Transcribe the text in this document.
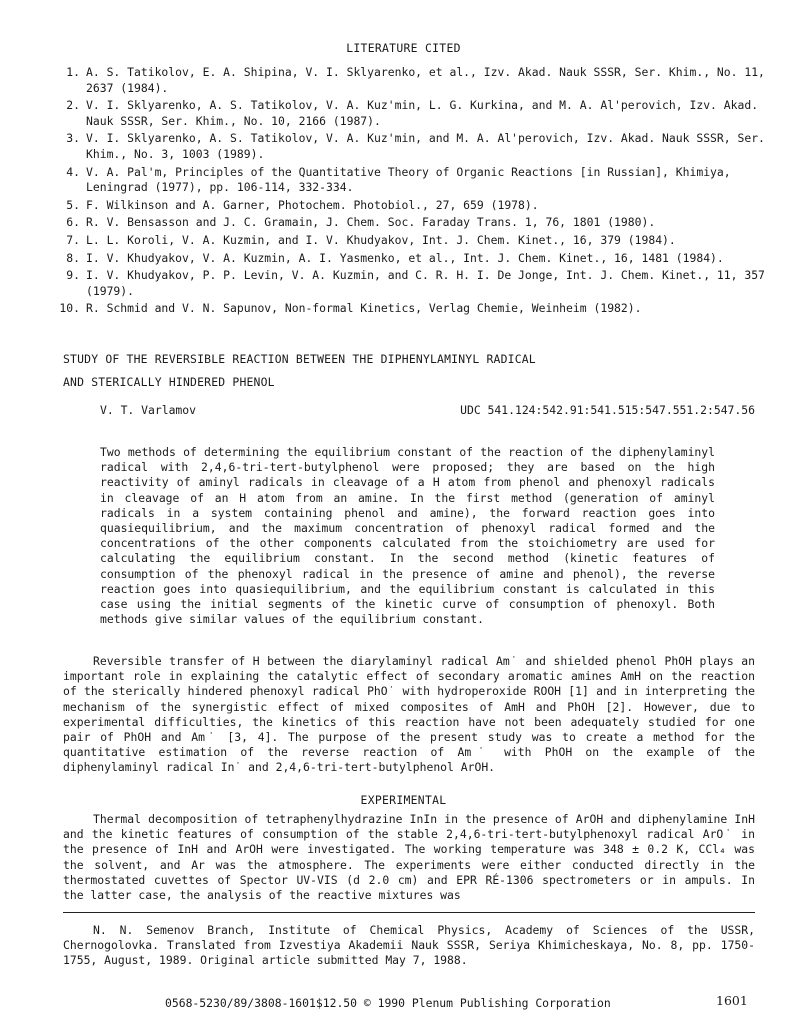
LITERATURE CITED
1. A. S. Tatikolov, E. A. Shipina, V. I. Sklyarenko, et al., Izv. Akad. Nauk SSSR, Ser. Khim., No. 11, 2637 (1984).
2. V. I. Sklyarenko, A. S. Tatikolov, V. A. Kuz'min, L. G. Kurkina, and M. A. Al'perovich, Izv. Akad. Nauk SSSR, Ser. Khim., No. 10, 2166 (1987).
3. V. I. Sklyarenko, A. S. Tatikolov, V. A. Kuz'min, and M. A. Al'perovich, Izv. Akad. Nauk SSSR, Ser. Khim., No. 3, 1003 (1989).
4. V. A. Pal'm, Principles of the Quantitative Theory of Organic Reactions [in Russian], Khimiya, Leningrad (1977), pp. 106-114, 332-334.
5. F. Wilkinson and A. Garner, Photochem. Photobiol., 27, 659 (1978).
6. R. V. Bensasson and J. C. Gramain, J. Chem. Soc. Faraday Trans. 1, 76, 1801 (1980).
7. L. L. Koroli, V. A. Kuzmin, and I. V. Khudyakov, Int. J. Chem. Kinet., 16, 379 (1984).
8. I. V. Khudyakov, V. A. Kuzmin, A. I. Yasmenko, et al., Int. J. Chem. Kinet., 16, 1481 (1984).
9. I. V. Khudyakov, P. P. Levin, V. A. Kuzmin, and C. R. H. I. De Jonge, Int. J. Chem. Kinet., 11, 357 (1979).
10. R. Schmid and V. N. Sapunov, Non-formal Kinetics, Verlag Chemie, Weinheim (1982).
STUDY OF THE REVERSIBLE REACTION BETWEEN THE DIPHENYLAMINYL RADICAL
AND STERICALLY HINDERED PHENOL
V. T. Varlamov	UDC 541.124:542.91:541.515:547.551.2:547.56

Two methods of determining the equilibrium constant of the reaction of the diphenylaminyl radical with 2,4,6-tri-tert-butylphenol were proposed; they are based on the high reactivity of aminyl radicals in cleavage of a H atom from phenol and phenoxyl radicals in cleavage of an H atom from an amine. In the first method (generation of aminyl radicals in a system containing phenol and amine), the forward reaction goes into quasiequilibrium, and the maximum concentration of phenoxyl radical formed and the concentrations of the other components calculated from the stoichiometry are used for calculating the equilibrium constant. In the second method (kinetic features of consumption of the phenoxyl radical in the presence of amine and phenol), the reverse reaction goes into quasiequilibrium, and the equilibrium constant is calculated in this case using the initial segments of the kinetic curve of consumption of phenoxyl. Both methods give similar values of the equilibrium constant.

Reversible transfer of H between the diarylaminyl radical Am˙ and shielded phenol PhOH plays an important role in explaining the catalytic effect of secondary aromatic amines AmH on the reaction of the sterically hindered phenoxyl radical PhO˙ with hydroperoxide ROOH [1] and in interpreting the mechanism of the synergistic effect of mixed composites of AmH and PhOH [2]. However, due to experimental difficulties, the kinetics of this reaction have not been adequately studied for one pair of PhOH and Am˙ [3, 4]. The purpose of the present study was to create a method for the quantitative estimation of the reverse reaction of Am˙ with PhOH on the example of the diphenylaminyl radical In˙ and 2,4,6-tri-tert-butylphenol ArOH.

EXPERIMENTAL

Thermal decomposition of tetraphenylhydrazine InIn in the presence of ArOH and diphenylamine InH and the kinetic features of consumption of the stable 2,4,6-tri-tert-butylphenoxyl radical ArO˙ in the presence of InH and ArOH were investigated. The working temperature was 348 ± 0.2 K, CCl₄ was the solvent, and Ar was the atmosphere. The experiments were either conducted directly in the thermostated cuvettes of Spector UV-VIS (d 2.0 cm) and EPR RÉ-1306 spectrometers or in ampuls. In the latter case, the analysis of the reactive mixtures was

N. N. Semenov Branch, Institute of Chemical Physics, Academy of Sciences of the USSR, Chernogolovka. Translated from Izvestiya Akademii Nauk SSSR, Seriya Khimicheskaya, No. 8, pp. 1750-1755, August, 1989. Original article submitted May 7, 1988.

0568-5230/89/3808-1601$12.50 © 1990 Plenum Publishing Corporation	1601
